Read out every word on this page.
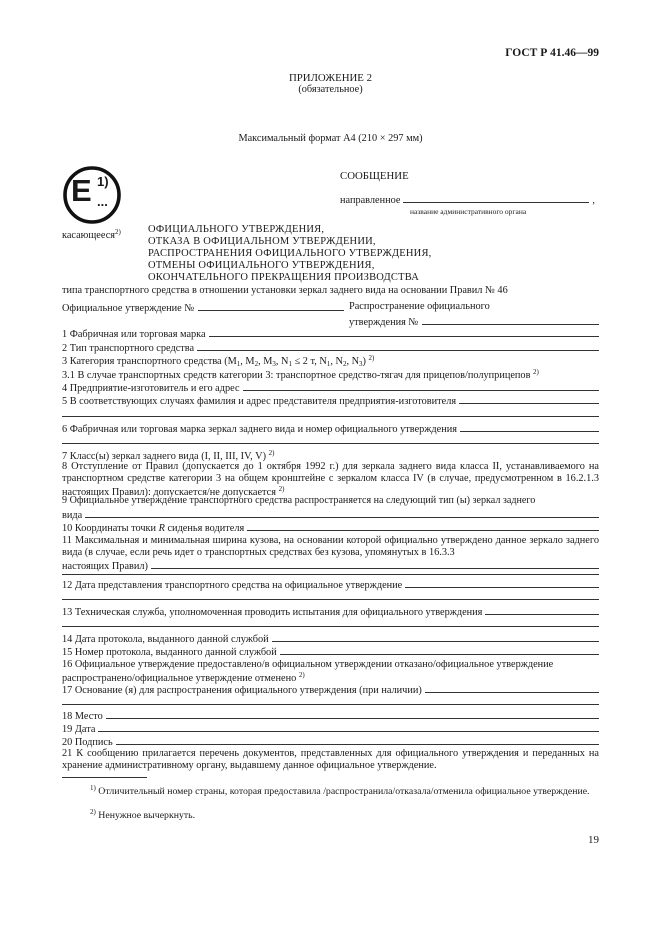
ГОСТ Р 41.46—99
ПРИЛОЖЕНИЕ 2
(обязательное)
Максимальный формат А4 (210 × 297 мм)
E 1)
...
СООБЩЕНИЕ
направленное	,
название административного органа
касающееся$^{2)}$	ОФИЦИАЛЬНОГО УТВЕРЖДЕНИЯ,
ОТКАЗА В ОФИЦИАЛЬНОМ УТВЕРЖДЕНИИ,
РАСПРОСТРАНЕНИЯ ОФИЦИАЛЬНОГО УТВЕРЖДЕНИЯ,
ОТМЕНЫ ОФИЦИАЛЬНОГО УТВЕРЖДЕНИЯ,
ОКОНЧАТЕЛЬНОГО ПРЕКРАЩЕНИЯ ПРОИЗВОДСТВА
типа транспортного средства в отношении установки зеркал заднего вида на основании Правил № 46
Официальное утверждение №	Распространение официального
утверждения №
1 Фабричная или торговая марка
2 Тип транспортного средства
3 Категория транспортного средства ($М_1$, $М_2$, $М_3$, $N_1 \le 2$ т, $N_1$, $N_2$, $N_3$) $^{2)}$
3.1 В случае транспортных средств категории 3: транспортное средство-тягач для прицепов/полуприцепов $^{2)}$
4 Предприятие-изготовитель и его адрес
5 В соответствующих случаях фамилия и адрес представителя предприятия-изготовителя
6 Фабричная или торговая марка зеркал заднего вида и номер официального утверждения
7 Класс(ы) зеркал заднего вида (I, II, III, IV, V) $^{2)}$
8 Отступление от Правил (допускается до 1 октября 1992 г.) для зеркала заднего вида класса II, устанавливаемого на транспортном средстве категории 3 на общем кронштейне с зеркалом класса IV (в случае, предусмотренном в 16.2.1.3 настоящих Правил): допускается/не допускается $^{2)}$
9 Официальное утверждение транспортного средства распространяется на следующий тип (ы) зеркал заднего
вида
10 Координаты точки
R
сиденья водителя
11 Максимальная и минимальная ширина кузова, на основании которой официально утверждено данное зеркало заднего вида (в случае, если речь идет о транспортных средствах без кузова, упомянутых в 16.3.3
настоящих Правил)
12 Дата представления транспортного средства на официальное утверждение
13 Техническая служба, уполномоченная проводить испытания для официального утверждения
14 Дата протокола, выданного данной службой
15 Номер протокола, выданного данной службой
16 Официальное утверждение предоставлено/в официальном утверждении отказано/официальное утверждение распространено/официальное утверждение отменено $^{2)}$
17 Основание (я) для распространения официального утверждения (при наличии)
18 Место
19 Дата
20 Подпись
21 К сообщению прилагается перечень документов, представленных для официального утверждения и переданных на хранение административному органу, выдавшему данное официальное утверждение.
$^{1)}$ Отличительный номер страны, которая предоставила /распространила/отказала/отменила официальное утверждение.
$^{2)}$ Ненужное вычеркнуть.
19
